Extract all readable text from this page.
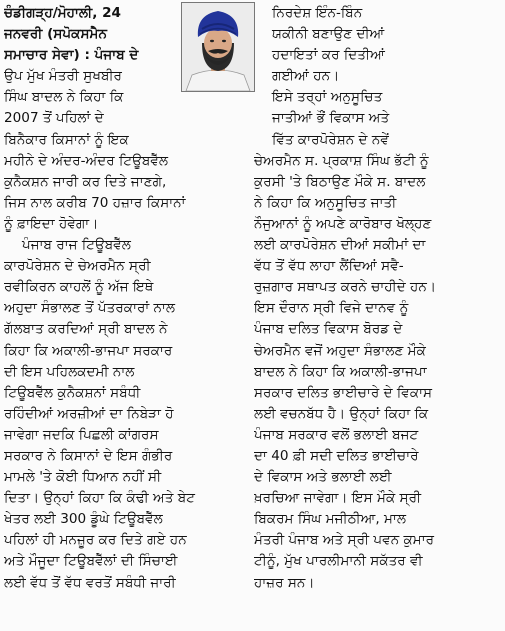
ਚੰਡੀਗੜ੍ਹ/ਮੋਹਾਲੀ, 24
ਜਨਵਰੀ (ਸਪੋਕਸਮੈਨ
ਸਮਾਚਾਰ ਸੇਵਾ) : ਪੰਜਾਬ ਦੇ
ਉਪ ਮੁੱਖ ਮੰਤਰੀ ਸੁਖਬੀਰ
ਸਿੰਘ ਬਾਦਲ ਨੇ ਕਿਹਾ ਕਿ
2007 ਤੋਂ ਪਹਿਲਾਂ ਦੇ
ਬਿਨੈਕਾਰ ਕਿਸਾਨਾਂ ਨੂੰ ਇਕ
ਮਹੀਨੇ ਦੇ ਅੰਦਰ-ਅੰਦਰ ਟਿਊਬਵੈੱਲ
ਕੁਨੈਕਸ਼ਨ ਜਾਰੀ ਕਰ ਦਿਤੇ ਜਾਣਗੇ,
ਜਿਸ ਨਾਲ ਕਰੀਬ 70 ਹਜ਼ਾਰ ਕਿਸਾਨਾਂ
ਨੂੰ ਫ਼ਾਇਦਾ ਹੋਵੇਗਾ।
ਪੰਜਾਬ ਰਾਜ ਟਿਊਬਵੈੱਲ
ਕਾਰਪੋਰੇਸ਼ਨ ਦੇ ਚੇਅਰਮੈਨ ਸ੍ਰੀ
ਰਵੀਕਿਰਨ ਕਾਹਲੋਂ ਨੂੰ ਅੱਜ ਇਥੇ
ਅਹੁਦਾ ਸੰਭਾਲਣ ਤੋਂ ਪੱਤਰਕਾਰਾਂ ਨਾਲ
ਗੱਲਬਾਤ ਕਰਦਿਆਂ ਸ੍ਰੀ ਬਾਦਲ ਨੇ
ਕਿਹਾ ਕਿ ਅਕਾਲੀ-ਭਾਜਪਾ ਸਰਕਾਰ
ਦੀ ਇਸ ਪਹਿਲਕਦਮੀ ਨਾਲ
ਟਿਊਬਵੈੱਲ ਕੁਨੈਕਸ਼ਨਾਂ ਸਬੰਧੀ
ਰਹਿੰਦੀਆਂ ਅਰਜ਼ੀਆਂ ਦਾ ਨਿਬੇੜਾ ਹੋ
ਜਾਵੇਗਾ ਜਦਕਿ ਪਿਛਲੀ ਕਾਂਗਰਸ
ਸਰਕਾਰ ਨੇ ਕਿਸਾਨਾਂ ਦੇ ਇਸ ਗੰਭੀਰ
ਮਾਮਲੇ 'ਤੇ ਕੋਈ ਧਿਆਨ ਨਹੀਂ ਸੀ
ਦਿਤਾ। ਉਨ੍ਹਾਂ ਕਿਹਾ ਕਿ ਕੰਢੀ ਅਤੇ ਬੇਟ
ਖੇਤਰ ਲਈ 300 ਡੂੰਘੇ ਟਿਊਬਵੈੱਲ
ਪਹਿਲਾਂ ਹੀ ਮਨਜ਼ੂਰ ਕਰ ਦਿਤੇ ਗਏ ਹਨ
ਅਤੇ ਮੌਜੂਦਾ ਟਿਊਬਵੈੱਲਾਂ ਦੀ ਸਿੰਚਾਈ
ਲਈ ਵੱਧ ਤੋਂ ਵੱਧ ਵਰਤੋਂ ਸਬੰਧੀ ਜਾਰੀ
ਨਿਰਦੇਸ਼ ਇੰਨ-ਬਿੰਨ
ਯਕੀਨੀ ਬਣਾਉਣ ਦੀਆਂ
ਹਦਾਇਤਾਂ ਕਰ ਦਿਤੀਆਂ
ਗਈਆਂ ਹਨ।
ਇਸੇ ਤਰ੍ਹਾਂ ਅਨੁਸੂਚਿਤ
ਜਾਤੀਆਂ ਭੌਂ ਵਿਕਾਸ ਅਤੇ
ਵਿੱਤ ਕਾਰਪੋਰੇਸ਼ਨ ਦੇ ਨਵੇਂ
ਚੇਅਰਮੈਨ ਸ. ਪ੍ਰਕਾਸ਼ ਸਿੰਘ ਭੱਟੀ ਨੂੰ
ਕੁਰਸੀ 'ਤੇ ਬਿਠਾਉਣ ਮੌਕੇ ਸ. ਬਾਦਲ
ਨੇ ਕਿਹਾ ਕਿ ਅਨੁਸੂਚਿਤ ਜਾਤੀ
ਨੌਜੁਆਨਾਂ ਨੂੰ ਅਪਣੇ ਕਾਰੋਬਾਰ ਖੋਲ੍ਹਣ
ਲਈ ਕਾਰਪੋਰੇਸ਼ਨ ਦੀਆਂ ਸਕੀਮਾਂ ਦਾ
ਵੱਧ ਤੋਂ ਵੱਧ ਲਾਹਾ ਲੈਂਦਿਆਂ ਸਵੈ-
ਰੁਜ਼ਗਾਰ ਸਥਾਪਤ ਕਰਨੇ ਚਾਹੀਦੇ ਹਨ।
ਇਸ ਦੌਰਾਨ ਸ੍ਰੀ ਵਿਜੇ ਦਾਨਵ ਨੂੰ
ਪੰਜਾਬ ਦਲਿਤ ਵਿਕਾਸ ਬੋਰਡ ਦੇ
ਚੇਅਰਮੈਨ ਵਜੋਂ ਅਹੁਦਾ ਸੰਭਾਲਣ ਮੌਕੇ
ਬਾਦਲ ਨੇ ਕਿਹਾ ਕਿ ਅਕਾਲੀ-ਭਾਜਪਾ
ਸਰਕਾਰ ਦਲਿਤ ਭਾਈਚਾਰੇ ਦੇ ਵਿਕਾਸ
ਲਈ ਵਚਨਬੱਧ ਹੈ। ਉਨ੍ਹਾਂ ਕਿਹਾ ਕਿ
ਪੰਜਾਬ ਸਰਕਾਰ ਵਲੋਂ ਭਲਾਈ ਬਜਟ
ਦਾ 40 ਫ਼ੀ ਸਦੀ ਦਲਿਤ ਭਾਈਚਾਰੇ
ਦੇ ਵਿਕਾਸ ਅਤੇ ਭਲਾਈ ਲਈ
ਖ਼ਰਚਿਆ ਜਾਵੇਗਾ। ਇਸ ਮੌਕੇ ਸ੍ਰੀ
ਬਿਕਰਮ ਸਿੰਘ ਮਜੀਠੀਆ, ਮਾਲ
ਮੰਤਰੀ ਪੰਜਾਬ ਅਤੇ ਸ੍ਰੀ ਪਵਨ ਕੁਮਾਰ
ਟੀਨੂੰ, ਮੁੱਖ ਪਾਰਲੀਮਾਨੀ ਸਕੱਤਰ ਵੀ
ਹਾਜ਼ਰ ਸਨ।
